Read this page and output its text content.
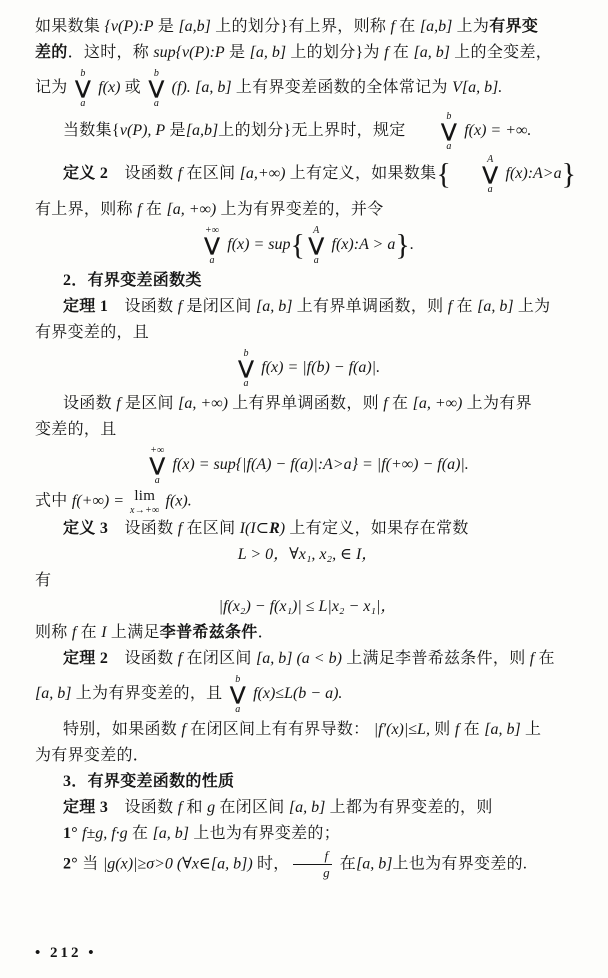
如果数集 {v(P):P 是 [a,b] 上的划分}有上界，则称 f 在 [a,b] 上为有界变
差的．这时，称 sup{v(P):P 是 [a, b] 上的划分}为 f 在 [a, b] 上的全变差，
记为
b
⋁
a
f(x) 或
b
⋁
a
(f). [a, b] 上有界变差函数的全体常记为 V[a, b].
当数集{v(P), P 是[a,b]上的划分}无上界时，规定
b
⋁
a
f(x) = +∞.
定义 2　设函数 f 在区间 [a,+∞) 上有定义，如果数集{	A
⋁
a
f(x):A>a}
有上界，则称 f 在 [a, +∞) 上为有界变差的，并令
+∞
⋁
a
f(x) = sup{ A
⋁
a
f(x):A > a}.
2．有界变差函数类
定理 1　设函数 f 是闭区间 [a, b] 上有界单调函数，则 f 在 [a, b] 上为
有界变差的，且
b
⋁
a
f(x) = |f(b) − f(a)|.
设函数 f 是区间 [a, +∞) 上有界单调函数，则 f 在 [a, +∞) 上为有界
变差的，且
+∞
⋁
a
f(x) = sup{|f(A) − f(a)|:A>a} = |f(+∞) − f(a)|.
式中 f(+∞) = lim
x→+∞
f(x).
定义 3　设函数 f 在区间 I(I⊂R) 上有定义，如果存在常数
L > 0，∀x₁, x₂, ∈ I，
有
|f(x₂) − f(x₁)| ≤ L|x₂ − x₁|，
则称 f 在 I 上满足李普希兹条件．
定理 2　设函数 f 在闭区间 [a, b] (a < b) 上满足李普希兹条件，则 f 在
[a, b] 上为有界变差的，且
b
⋁
a
f(x)≤L(b − a).
特别，如果函数 f 在闭区间上有有界导数： |f′(x)|≤L, 则 f 在 [a, b] 上
为有界变差的．
3．有界变差函数的性质
定理 3　设函数 f 和 g 在闭区间 [a, b] 上都为有界变差的，则
1° f±g, f·g 在 [a, b] 上也为有界变差的；
2° 当 |g(x)|≥σ>0 (∀x∈[a, b]) 时， $\frac{f}{g}$ 在[a, b]上也为有界变差的.
• 212 •
